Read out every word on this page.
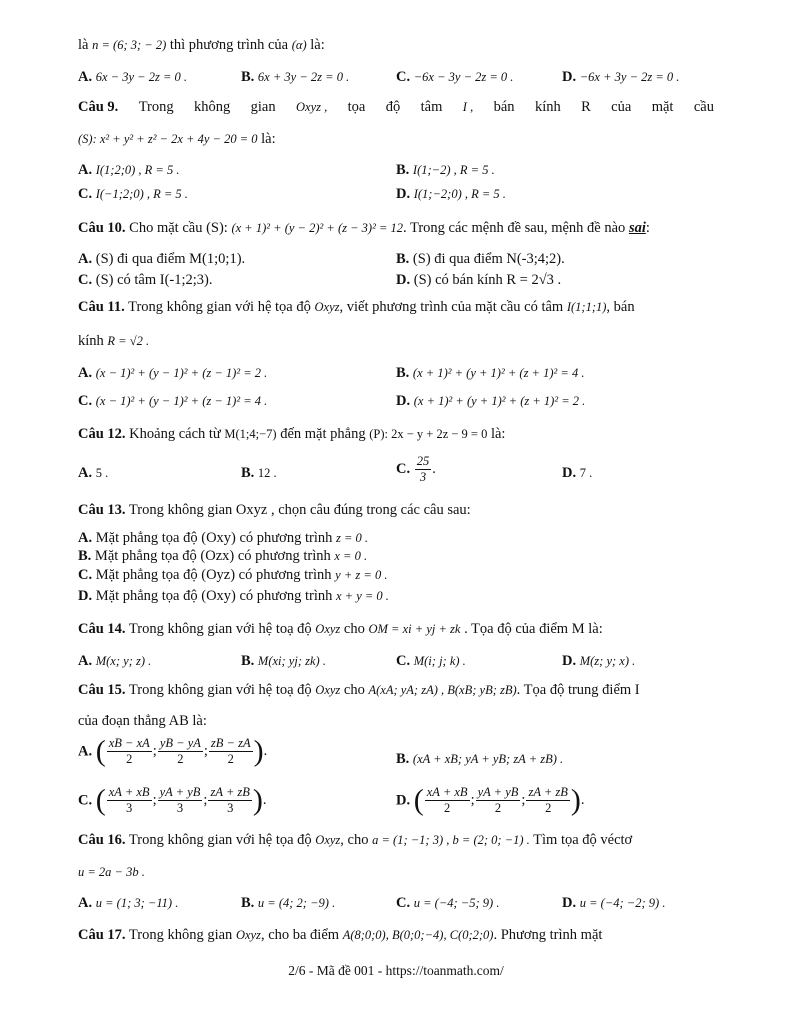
là n = (6; 3; − 2) thì phương trình của (α) là:
A. 6x − 3y − 2z = 0 .	B. 6x + 3y − 2z = 0 .	C. −6x − 3y − 2z = 0 .	D. −6x + 3y − 2z = 0 .
Câu 9. Trong không gian Oxyz , tọa độ tâm I , bán kính R của mặt cầu
(S): x² + y² + z² − 2x + 4y − 20 = 0 là:
A. I(1;2;0) , R = 5 .	B. I(1;−2) , R = 5 .
C. I(−1;2;0) , R = 5 .	D. I(1;−2;0) , R = 5 .
Câu 10. Cho mặt cầu (S): (x + 1)² + (y − 2)² + (z − 3)² = 12. Trong các mệnh đề sau, mệnh đề nào sai:
A. (S) đi qua điểm M(1;0;1).	B. (S) đi qua điểm N(-3;4;2).
C. (S) có tâm I(-1;2;3).	D. (S) có bán kính R = 2√3 .
Câu 11. Trong không gian với hệ tọa độ Oxyz, viết phương trình của mặt cầu có tâm I(1;1;1), bán
kính R = √2 .
A. (x − 1)² + (y − 1)² + (z − 1)² = 2 .	B. (x + 1)² + (y + 1)² + (z + 1)² = 4 .
C. (x − 1)² + (y − 1)² + (z − 1)² = 4 .	D. (x + 1)² + (y + 1)² + (z + 1)² = 2 .
Câu 12. Khoảng cách từ M(1;4;−7) đến mặt phẳng (P): 2x − y + 2z − 9 = 0 là:
A. 5 .	B. 12 .	C. $\frac{25}{3}$ .	D. 7 .
Câu 13. Trong không gian Oxyz , chọn câu đúng trong các câu sau:
A. Mặt phẳng tọa độ (Oxy) có phương trình z = 0 .
B. Mặt phẳng tọa độ (Ozx) có phương trình x = 0 .
C. Mặt phẳng tọa độ (Oyz) có phương trình y + z = 0 .
D. Mặt phẳng tọa độ (Oxy) có phương trình x + y = 0 .
Câu 14. Trong không gian với hệ toạ độ Oxyz cho OM = xi + yj + zk . Tọa độ của điểm M là:
A. M(x; y; z) .	B. M(xi; yj; zk) .	C. M(i; j; k) .	D. M(z; y; x) .
Câu 15. Trong không gian với hệ toạ độ Oxyz cho A(xA; yA; zA) , B(xB; yB; zB). Tọa độ trung điểm I
của đoạn thẳng AB là:
A. ( $\frac{xB - xA}{2}$ ; $\frac{yB - yA}{2}$ ; $\frac{zB - zA}{2}$ ).
B. (xA + xB; yA + yB; zA + zB) .
C. ( $\frac{xA + xB}{3}$ ; $\frac{yA + yB}{3}$ ; $\frac{zA + zB}{3}$ ).	D. ( $\frac{xA + xB}{2}$ ; $\frac{yA + yB}{2}$ ; $\frac{zA + zB}{2}$ ).
Câu 16. Trong không gian với hệ tọa độ Oxyz, cho a = (1; −1; 3) , b = (2; 0; −1) . Tìm tọa độ véctơ
u = 2a − 3b .
A. u = (1; 3; −11) .	B. u = (4; 2; −9) .	C. u = (−4; −5; 9) .	D. u = (−4; −2; 9) .
Câu 17. Trong không gian Oxyz, cho ba điểm A(8;0;0), B(0;0;−4), C(0;2;0). Phương trình mặt
2/6 - Mã đề 001 - https://toanmath.com/
